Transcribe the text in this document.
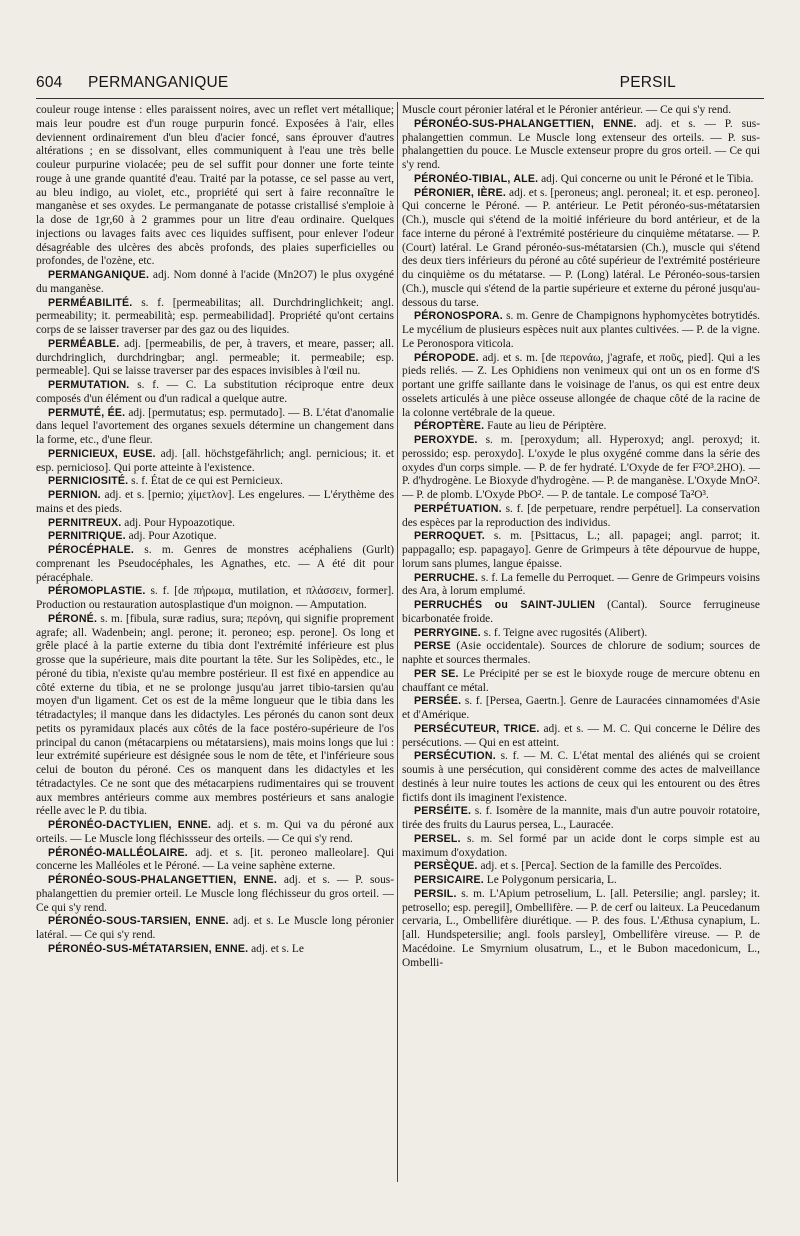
604 PERMANGANIQUE	PERSIL

couleur rouge intense : elles paraissent noires, avec un reflet vert métallique; mais leur poudre est d'un rouge purpurin foncé. Exposées à l'air, elles deviennent ordinairement d'un bleu d'acier foncé, sans éprouver d'autres altérations ; en se dissolvant, elles communiquent à l'eau une très belle couleur purpurine violacée; peu de sel suffit pour donner une forte teinte rouge à une grande quantité d'eau. Traité par la potasse, ce sel passe au vert, au bleu indigo, au violet, etc., propriété qui sert à faire reconnaître le manganèse et ses oxydes. Le permanganate de potasse cristallisé s'emploie à la dose de 1gr,60 à 2 grammes pour un litre d'eau ordinaire. Quelques injections ou lavages faits avec ces liquides suffisent, pour enlever l'odeur désagréable des ulcères des abcès profonds, des plaies superficielles ou profondes, de l'ozène, etc.

PERMANGANIQUE. adj. Nom donné à l'acide (Mn2O7) le plus oxygéné du manganèse.

PERMÉABILITÉ. s. f. [permeabilitas; all. Durchdringlichkeit; angl. permeability; it. permeabilità; esp. permeabilidad]. Propriété qu'ont certains corps de se laisser traverser par des gaz ou des liquides.

PERMÉABLE. adj. [permeabilis, de per, à travers, et meare, passer; all. durchdringlich, durchdringbar; angl. permeable; it. permeabile; esp. permeable]. Qui se laisse traverser par des espaces invisibles à l'œil nu.

PERMUTATION. s. f. — C. La substitution réciproque entre deux composés d'un élément ou d'un radical a quelque autre.

PERMUTÉ, ÉE. adj. [permutatus; esp. permutado]. — B. L'état d'anomalie dans lequel l'avortement des organes sexuels détermine un changement dans la forme, etc., d'une fleur.

PERNICIEUX, EUSE. adj. [all. höchstgefährlich; angl. pernicious; it. et esp. pernicioso]. Qui porte atteinte à l'existence.

PERNICIOSITÉ. s. f. État de ce qui est Pernicieux.

PERNION. adj. et s. [pernio; χίμετλον]. Les engelures. — L'érythème des mains et des pieds.

PERNITREUX. adj. Pour Hypoazotique.

PERNITRIQUE. adj. Pour Azotique.

PÉROCÉPHALE. s. m. Genres de monstres acéphaliens (Gurlt) comprenant les Pseudocéphales, les Agnathes, etc. — A été dit pour péracéphale.

PÉROMOPLASTIE. s. f. [de πήρωμα, mutilation, et πλάσσειν, former]. Production ou restauration autosplastique d'un moignon. — Amputation.

PÉRONÉ. s. m. [fibula, suræ radius, sura; περόνη, qui signifie proprement agrafe; all. Wadenbein; angl. perone; it. peroneo; esp. perone]. Os long et grêle placé à la partie externe du tibia dont l'extrémité inférieure est plus grosse que la supérieure, mais dite pourtant la tête. Sur les Solipèdes, etc., le péroné du tibia, n'existe qu'au membre postérieur. Il est fixé en appendice au côté externe du tibia, et ne se prolonge jusqu'au jarret tibio-tarsien qu'au moyen d'un ligament. Cet os est de la même longueur que le tibia dans les tétradactyles; il manque dans les didactyles. Les péronés du canon sont deux petits os pyramidaux placés aux côtés de la face postéro-supérieure de l'os principal du canon (métacarpiens ou métatarsiens), mais moins longs que lui : leur extrémité supérieure est désignée sous le nom de tête, et l'inférieure sous celui de bouton du péroné. Ces os manquent dans les didactyles et les tétradactyles. Ce ne sont que des métacarpiens rudimentaires qui se trouvent aux membres antérieurs comme aux membres postérieurs et sans analogie réelle avec le P. du tibia.

PÉRONÉO-DACTYLIEN, ENNE. adj. et s. m. Qui va du péroné aux orteils. — Le Muscle long fléchissseur des orteils. — Ce qui s'y rend.

PÉRONÉO-MALLÉOLAIRE. adj. et s. [it. peroneo malleolare]. Qui concerne les Malléoles et le Péroné. — La veine saphène externe.

PÉRONÉO-SOUS-PHALANGETTIEN, ENNE. adj. et s. — P. sous-phalangettien du premier orteil. Le Muscle long fléchisseur du gros orteil. — Ce qui s'y rend.

PÉRONÉO-SOUS-TARSIEN, ENNE. adj. et s. Le Muscle long péronier latéral. — Ce qui s'y rend.

PÉRONÉO-SUS-MÉTATARSIEN, ENNE. adj. et s. Le

Muscle court péronier latéral et le Péronier antérieur. — Ce qui s'y rend.

PÉRONÉO-SUS-PHALANGETTIEN, ENNE. adj. et s. — P. sus-phalangettien commun. Le Muscle long extenseur des orteils. — P. sus-phalangettien du pouce. Le Muscle extenseur propre du gros orteil. — Ce qui s'y rend.

PÉRONÉO-TIBIAL, ALE. adj. Qui concerne ou unit le Péroné et le Tibia.

PÉRONIER, IÈRE. adj. et s. [peroneus; angl. peroneal; it. et esp. peroneo]. Qui concerne le Péroné. — P. antérieur. Le Petit péronéo-sus-métatarsien (Ch.), muscle qui s'étend de la moitié inférieure du bord antérieur, et de la face interne du péroné à l'extrémité postérieure du cinquième métatarse. — P. (Court) latéral. Le Grand péronéo-sus-métatarsien (Ch.), muscle qui s'étend des deux tiers inférieurs du péroné au côté supérieur de l'extrémité postérieure du cinquième os du métatarse. — P. (Long) latéral. Le Péronéo-sous-tarsien (Ch.), muscle qui s'étend de la partie supérieure et externe du péroné jusqu'au-dessous du tarse.

PÉRONOSPORA. s. m. Genre de Champignons hyphomycètes botrytidés. Le mycélium de plusieurs espèces nuit aux plantes cultivées. — P. de la vigne. Le Peronospora viticola.

PÉROPODE. adj. et s. m. [de περονάω, j'agrafe, et ποῦς, pied]. Qui a les pieds reliés. — Z. Les Ophidiens non venimeux qui ont un os en forme d'S portant une griffe saillante dans le voisinage de l'anus, os qui est entre deux osselets articulés à une pièce osseuse allongée de chaque côté de la racine de la colonne vertébrale de la queue.

PÉROPTÈRE. Faute au lieu de Périptère.

PEROXYDE. s. m. [peroxydum; all. Hyperoxyd; angl. peroxyd; it. perossido; esp. peroxydo]. L'oxyde le plus oxygéné comme dans la série des oxydes d'un corps simple. — P. de fer hydraté. L'Oxyde de fer F²O³.2HO). — P. d'hydrogène. Le Bioxyde d'hydrogène. — P. de manganèse. L'Oxyde MnO². — P. de plomb. L'Oxyde PbO². — P. de tantale. Le composé Ta²O³.

PERPÉTUATION. s. f. [de perpetuare, rendre perpétuel]. La conservation des espèces par la reproduction des individus.

PERROQUET. s. m. [Psittacus, L.; all. papagei; angl. parrot; it. pappagallo; esp. papagayo]. Genre de Grimpeurs à tête dépourvue de huppe, lorum sans plumes, langue épaisse.

PERRUCHE. s. f. La femelle du Perroquet. — Genre de Grimpeurs voisins des Ara, à lorum emplumé.

PERRUCHÉS ou SAINT-JULIEN (Cantal). Source ferrugineuse bicarbonatée froide.

PERRYGINE. s. f. Teigne avec rugosités (Alibert).

PERSE (Asie occidentale). Sources de chlorure de sodium; sources de naphte et sources thermales.

PER SE. Le Précipité per se est le bioxyde rouge de mercure obtenu en chauffant ce métal.

PERSÉE. s. f. [Persea, Gaertn.]. Genre de Lauracées cinnamomées d'Asie et d'Amérique.

PERSÉCUTEUR, TRICE. adj. et s. — M. C. Qui concerne le Délire des persécutions. — Qui en est atteint.

PERSÉCUTION. s. f. — M. C. L'état mental des aliénés qui se croient soumis à une persécution, qui considèrent comme des actes de malveillance destinés à leur nuire toutes les actions de ceux qui les entourent ou des êtres fictifs dont ils imaginent l'existence.

PERSÉITE. s. f. Isomère de la mannite, mais d'un autre pouvoir rotatoire, tirée des fruits du Laurus persea, L., Lauracée.

PERSEL. s. m. Sel formé par un acide dont le corps simple est au maximum d'oxydation.

PERSÈQUE. adj. et s. [Perca]. Section de la famille des Percoïdes.

PERSICAIRE. Le Polygonum persicaria, L.

PERSIL. s. m. L'Apium petroselium, L. [all. Petersilie; angl. parsley; it. petrosello; esp. peregil], Ombellifère. — P. de cerf ou laiteux. La Peucedanum cervaria, L., Ombellifère diurétique. — P. des fous. L'Æthusa cynapium, L. [all. Hundspetersilie; angl. fools parsley], Ombellifère vireuse. — P. de Macédoine. Le Smyrnium olusatrum, L., et le Bubon macedonicum, L., Ombelli-
